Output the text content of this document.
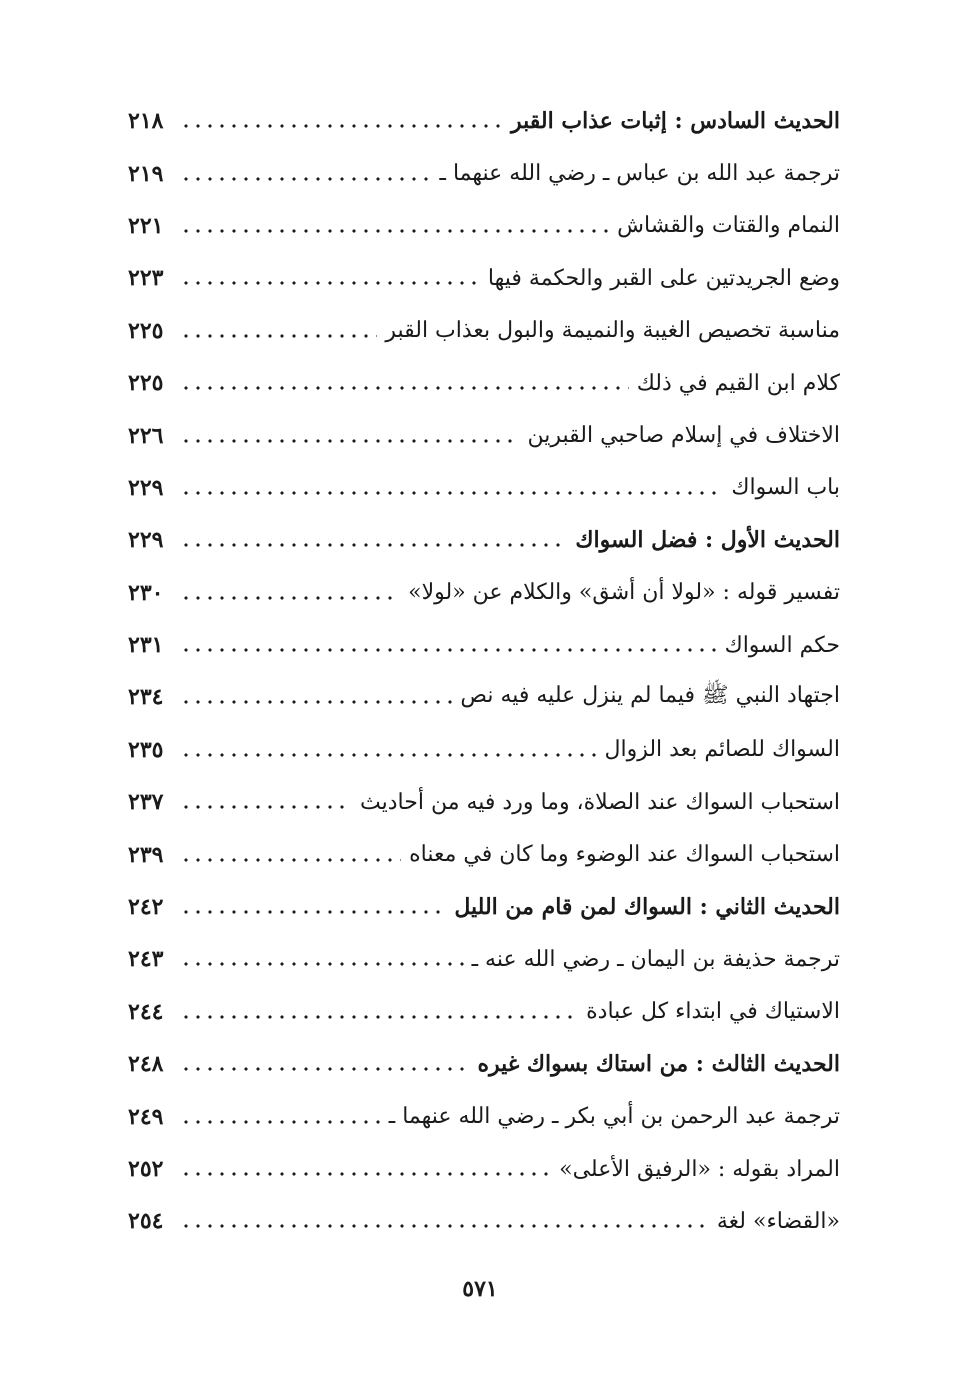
الحديث السادس : إثبات عذاب القبر
٢١٨
ترجمة عبد الله بن عباس ـ رضي الله عنهما ـ
٢١٩
النمام والقتات والقشاش
٢٢١
وضع الجريدتين على القبر والحكمة فيها
٢٢٣
مناسبة تخصيص الغيبة والنميمة والبول بعذاب القبر
٢٢٥
كلام ابن القيم في ذلك
٢٢٥
الاختلاف في إسلام صاحبي القبرين
٢٢٦
باب السواك
٢٢٩
الحديث الأول : فضل السواك
٢٢٩
تفسير قوله : «لولا أن أشق» والكلام عن «لولا»
٢٣٠
حكم السواك
٢٣١
اجتهاد النبي ﷺ فيما لم ينزل عليه فيه نص
٢٣٤
السواك للصائم بعد الزوال
٢٣٥
استحباب السواك عند الصلاة، وما ورد فيه من أحاديث
٢٣٧
استحباب السواك عند الوضوء وما كان في معناه
٢٣٩
الحديث الثاني : السواك لمن قام من الليل
٢٤٢
ترجمة حذيفة بن اليمان ـ رضي الله عنه ـ
٢٤٣
الاستياك في ابتداء كل عبادة
٢٤٤
الحديث الثالث : من استاك بسواك غيره
٢٤٨
ترجمة عبد الرحمن بن أبي بكر ـ رضي الله عنهما ـ
٢٤٩
المراد بقوله : «الرفيق الأعلى»
٢٥٢
«القضاء» لغة
٢٥٤
٥٧١
